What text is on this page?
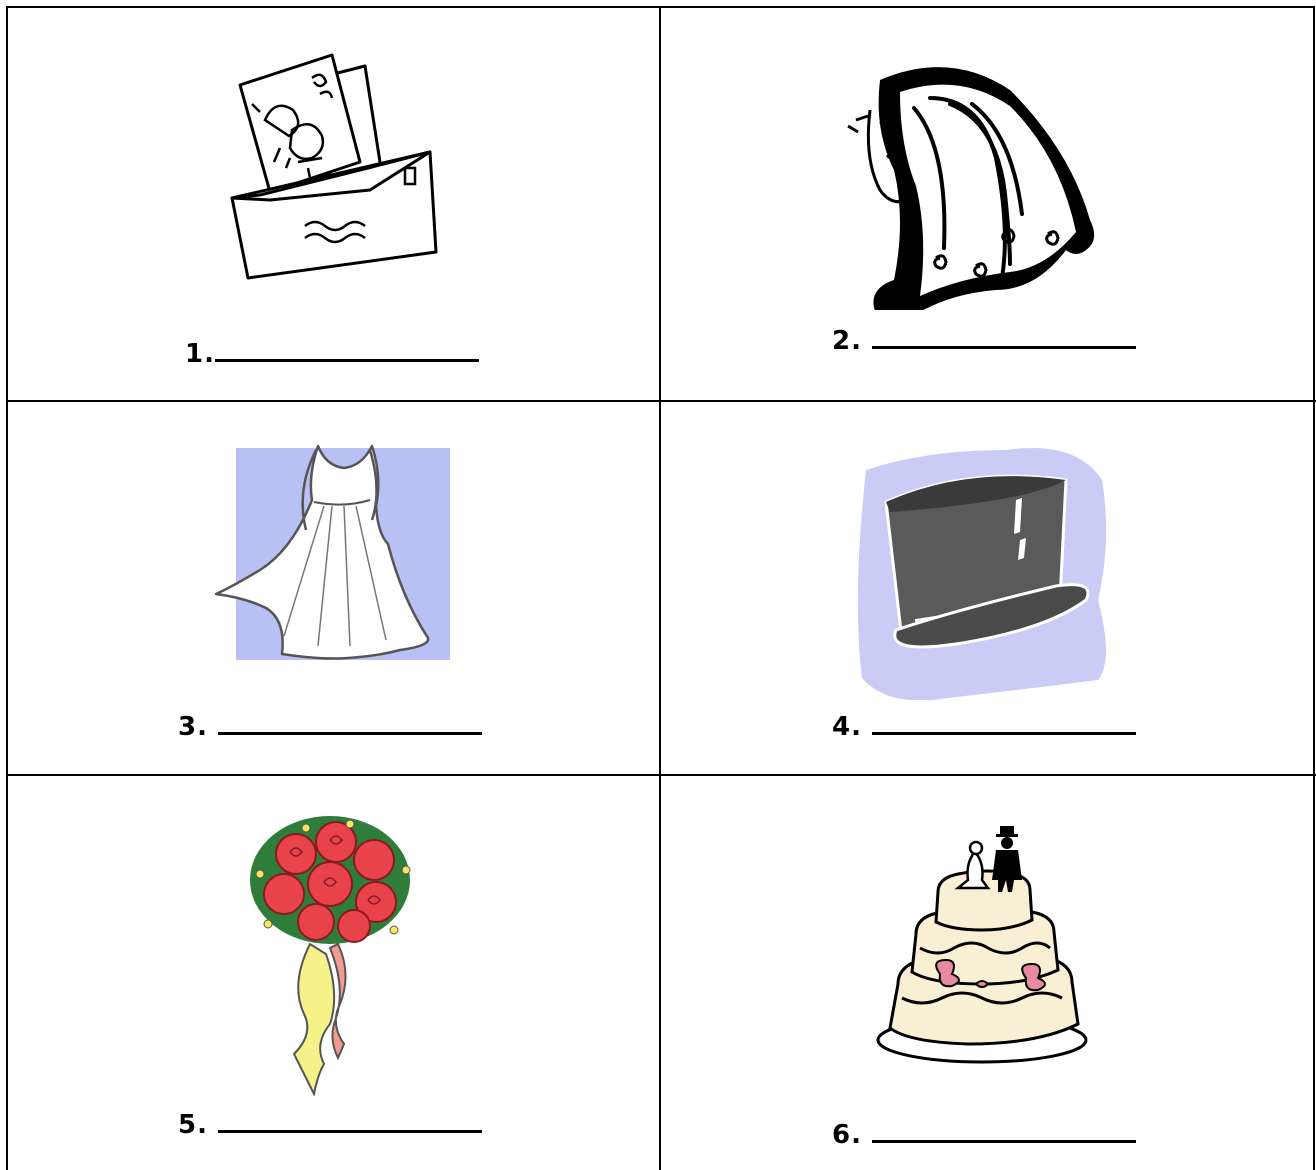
1.	2.
3.	4.
5.	6.
